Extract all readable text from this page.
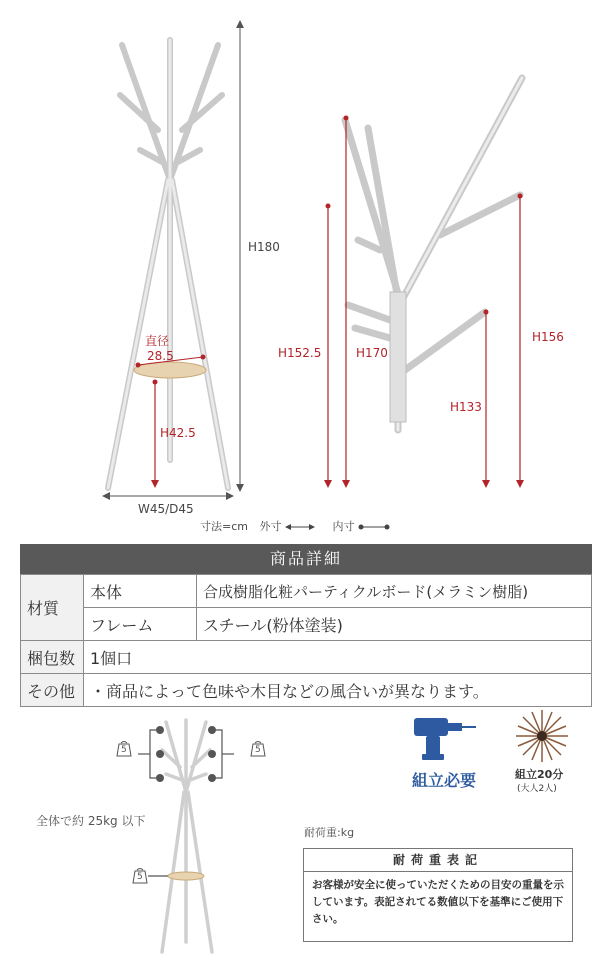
H180
直径
28.5
H42.5
W45/D45
H152.5	H170
H133
H156
寸法=cm 外寸	内寸
商品詳細
材質	本体	合成樹脂化粧パーティクルボード(メラミン樹脂)
	フレーム	スチール(粉体塗装)
梱包数	1個口	
その他	・商品によって色味や木目などの風合いが異なります。	
5	5
5
全体で約 25kg 以下
組立必要	組立20分
(大人2人)
耐荷重:kg
耐荷重表記
お客様が安全に使っていただくための目安の重量を示しています。表記されてる数値以下を基準にご使用下さい。
